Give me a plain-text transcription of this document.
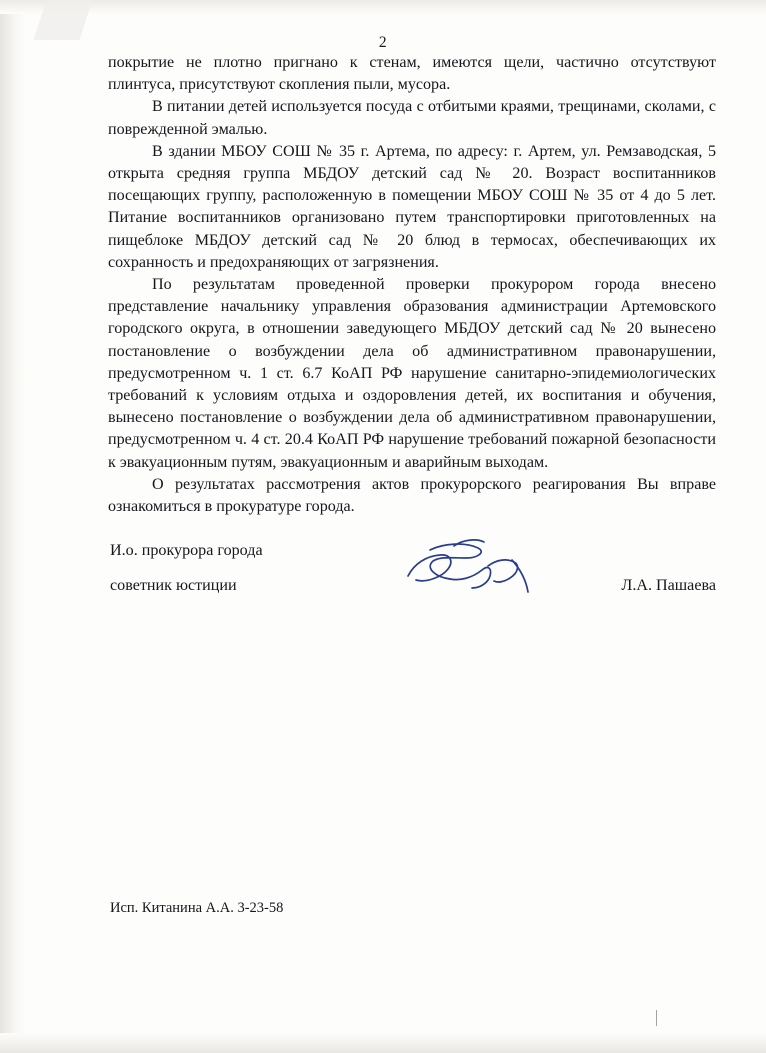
2

покрытие не плотно пригнано к стенам, имеются щели, частично отсутствуют плинтуса, присутствуют скопления пыли, мусора.

В питании детей используется посуда с отбитыми краями, трещинами, сколами, с поврежденной эмалью.

В здании МБОУ СОШ № 35 г. Артема, по адресу: г. Артем, ул. Ремзаводская, 5 открыта средняя группа МБДОУ детский сад № 20. Возраст воспитанников посещающих группу, расположенную в помещении МБОУ СОШ № 35 от 4 до 5 лет. Питание воспитанников организовано путем транспортировки приготовленных на пищеблоке МБДОУ детский сад № 20 блюд в термосах, обеспечивающих их сохранность и предохраняющих от загрязнения.

По результатам проведенной проверки прокурором города внесено представление начальнику управления образования администрации Артемовского городского округа, в отношении заведующего МБДОУ детский сад № 20 вынесено постановление о возбуждении дела об административном правонарушении, предусмотренном ч. 1 ст. 6.7 КоАП РФ нарушение санитарно-эпидемиологических требований к условиям отдыха и оздоровления детей, их воспитания и обучения, вынесено постановление о возбуждении дела об административном правонарушении, предусмотренном ч. 4 ст. 20.4 КоАП РФ нарушение требований пожарной безопасности к эвакуационным путям, эвакуационным и аварийным выходам.

О результатах рассмотрения актов прокурорского реагирования Вы вправе ознакомиться в прокуратуре города.

И.о. прокурора города
советник юстиции	Л.А. Пашаева
Исп. Китанина А.А. 3-23-58
